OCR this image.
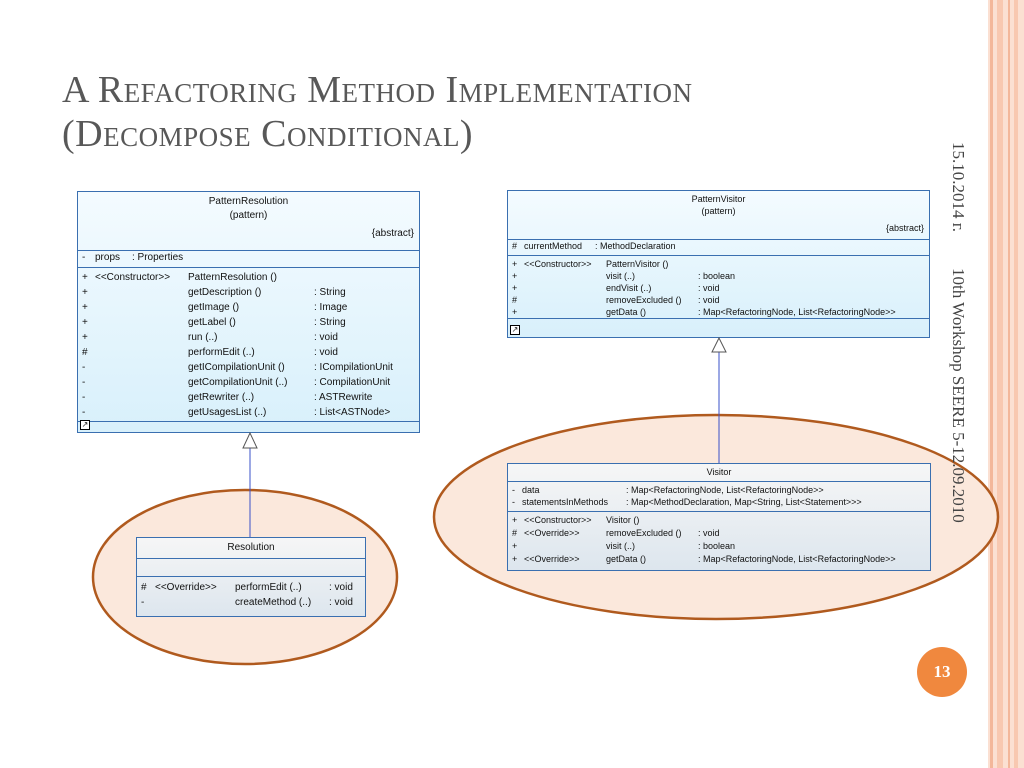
A Refactoring Method Implementation
(Decompose Conditional)
PatternResolution
(pattern)
{abstract}
- props : Properties
+ <<Constructor>> PatternResolution ()
+	getDescription ()	: String
+	getImage ()	: Image
+	getLabel ()	: String
+	run (..)	: void
#	performEdit (..)	: void
-	getICompilationUnit ()	: ICompilationUnit
-	getCompilationUnit (..)	: CompilationUnit
-	getRewriter (..)	: ASTRewrite
-	getUsagesList (..)	: List<ASTNode>
↗
PatternVisitor
(pattern)
{abstract}
# currentMethod : MethodDeclaration
+ <<Constructor>> PatternVisitor ()
+	visit (..)	: boolean
+	endVisit (..)	: void
#	removeExcluded () : void
+	getData ()	: Map<RefactoringNode, List<RefactoringNode>>
↗
Resolution
# <<Override>> performEdit (..)	: void
-	createMethod (..) : void
Visitor
- data	: Map<RefactoringNode, List<RefactoringNode>>
- statementsInMethods : Map<MethodDeclaration, Map<String, List<Statement>>>
+ <<Constructor>> Visitor ()
# <<Override>>	removeExcluded () : void
+	visit (..)	: boolean
+ <<Override>>	getData ()	: Map<RefactoringNode, List<RefactoringNode>>
15.10.2014 г.
10th Workshop SEERE 5-12.09.2010
13
